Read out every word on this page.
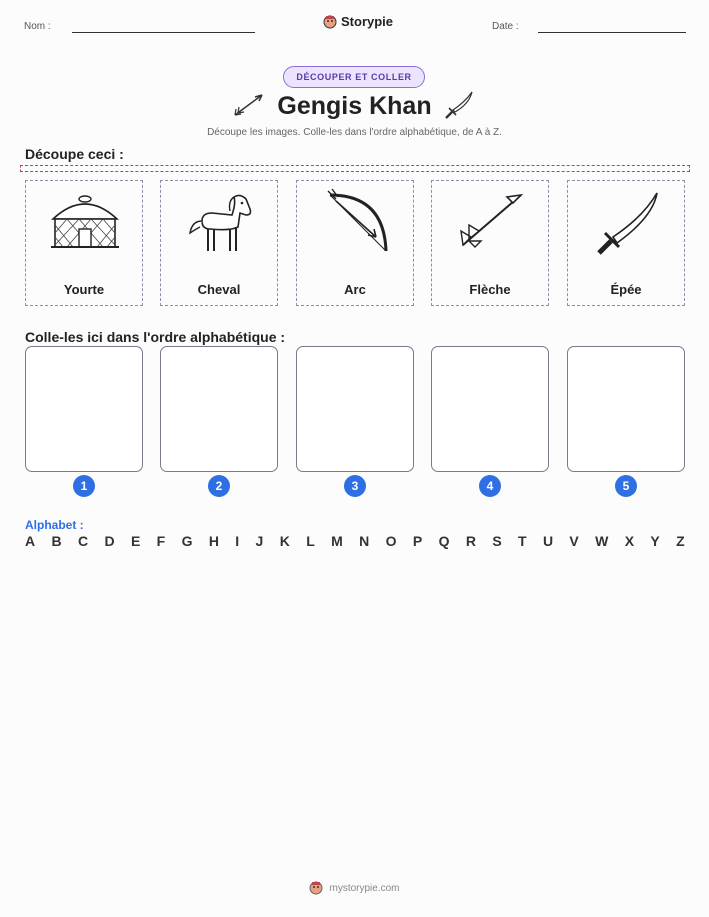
Nom :	Storypie	Date :
DÉCOUPER ET COLLER
Gengis Khan
Découpe les images. Colle-les dans l'ordre alphabétique, de A à Z.
Découpe ceci :
Yourte	Cheval	Arc	Flèche	Épée
Colle-les ici dans l'ordre alphabétique :
1	2	3	4	5
Alphabet :
A B C D E F G H I J K L M N O P Q R S T U V W X Y Z
mystorypie.com
